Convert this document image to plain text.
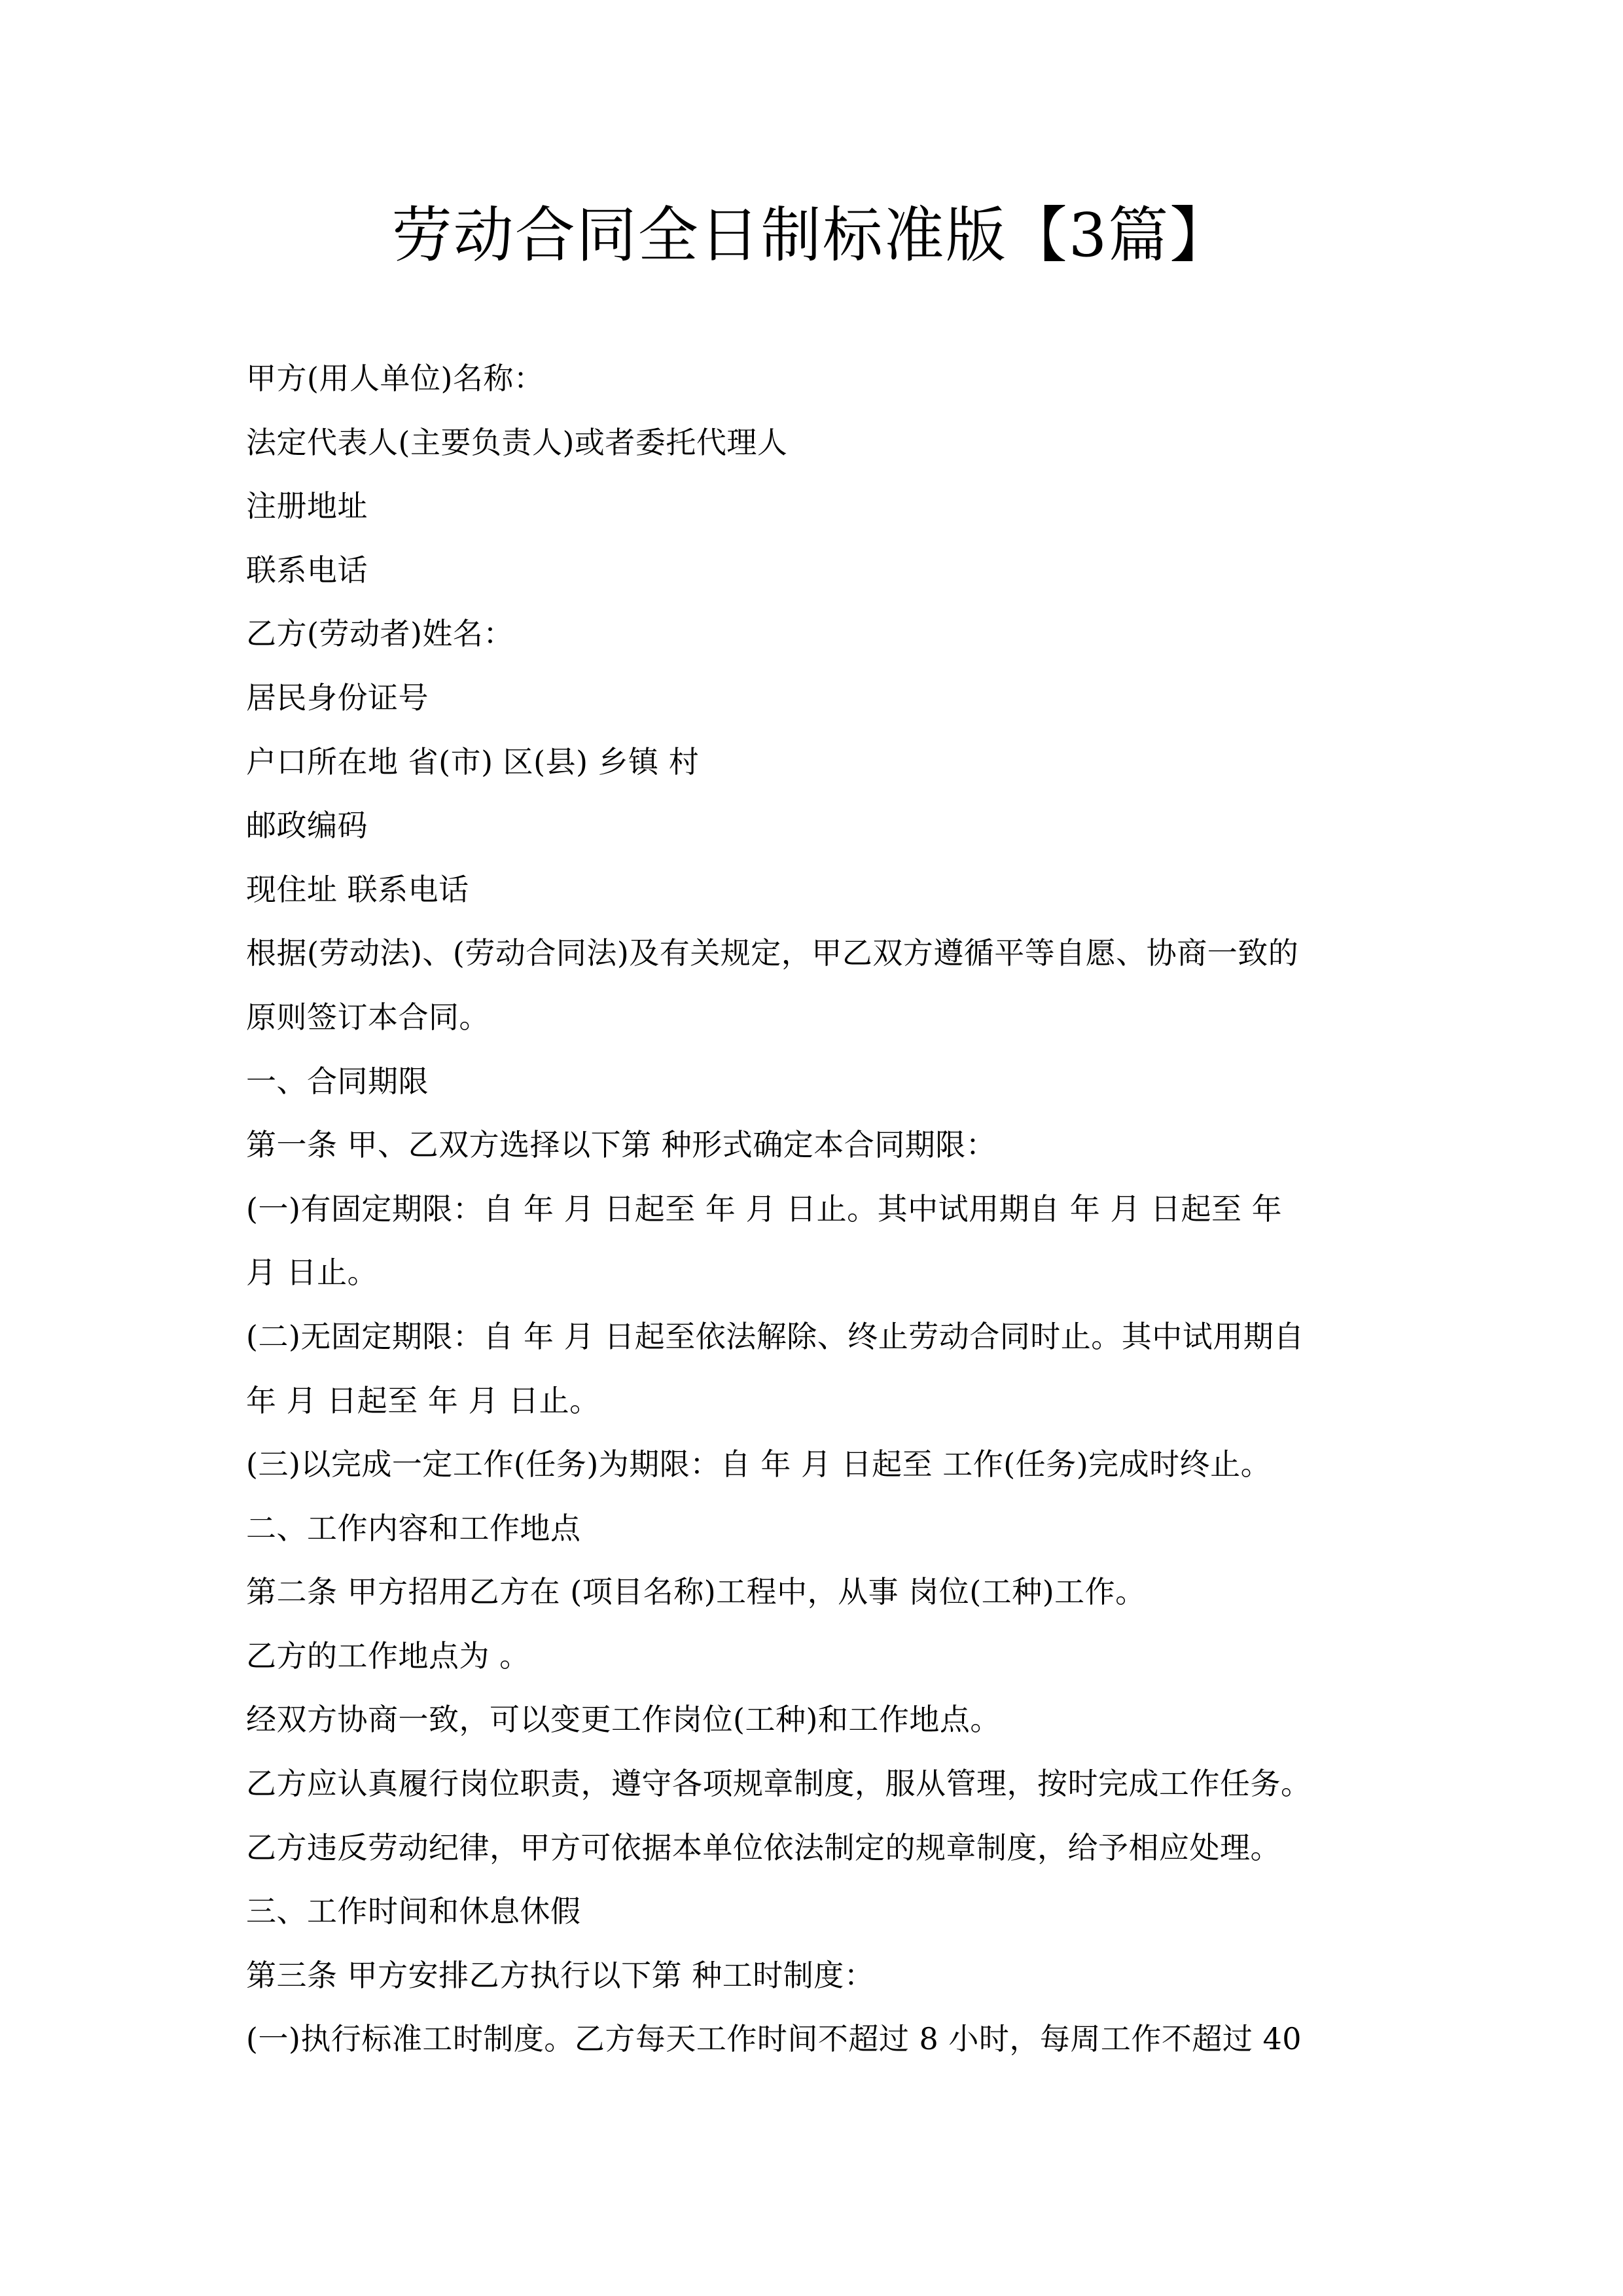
劳动合同全日制标准版【3篇】
甲方(用人单位)名称：
法定代表人(主要负责人)或者委托代理人
注册地址
联系电话
乙方(劳动者)姓名：
居民身份证号
户口所在地 省(市) 区(县) 乡镇 村
邮政编码
现住址 联系电话
根据(劳动法)、(劳动合同法)及有关规定，甲乙双方遵循平等自愿、协商一致的
原则签订本合同。
一、合同期限
第一条 甲、乙双方选择以下第 种形式确定本合同期限：
(一)有固定期限：自 年 月 日起至 年 月 日止。其中试用期自 年 月 日起至 年
月 日止。
(二)无固定期限：自 年 月 日起至依法解除、终止劳动合同时止。其中试用期自
年 月 日起至 年 月 日止。
(三)以完成一定工作(任务)为期限：自 年 月 日起至 工作(任务)完成时终止。
二、工作内容和工作地点
第二条 甲方招用乙方在 (项目名称)工程中，从事 岗位(工种)工作。
乙方的工作地点为 。
经双方协商一致，可以变更工作岗位(工种)和工作地点。
乙方应认真履行岗位职责，遵守各项规章制度，服从管理，按时完成工作任务。
乙方违反劳动纪律，甲方可依据本单位依法制定的规章制度，给予相应处理。
三、工作时间和休息休假
第三条 甲方安排乙方执行以下第 种工时制度：
(一)执行标准工时制度。乙方每天工作时间不超过 8 小时，每周工作不超过 40
